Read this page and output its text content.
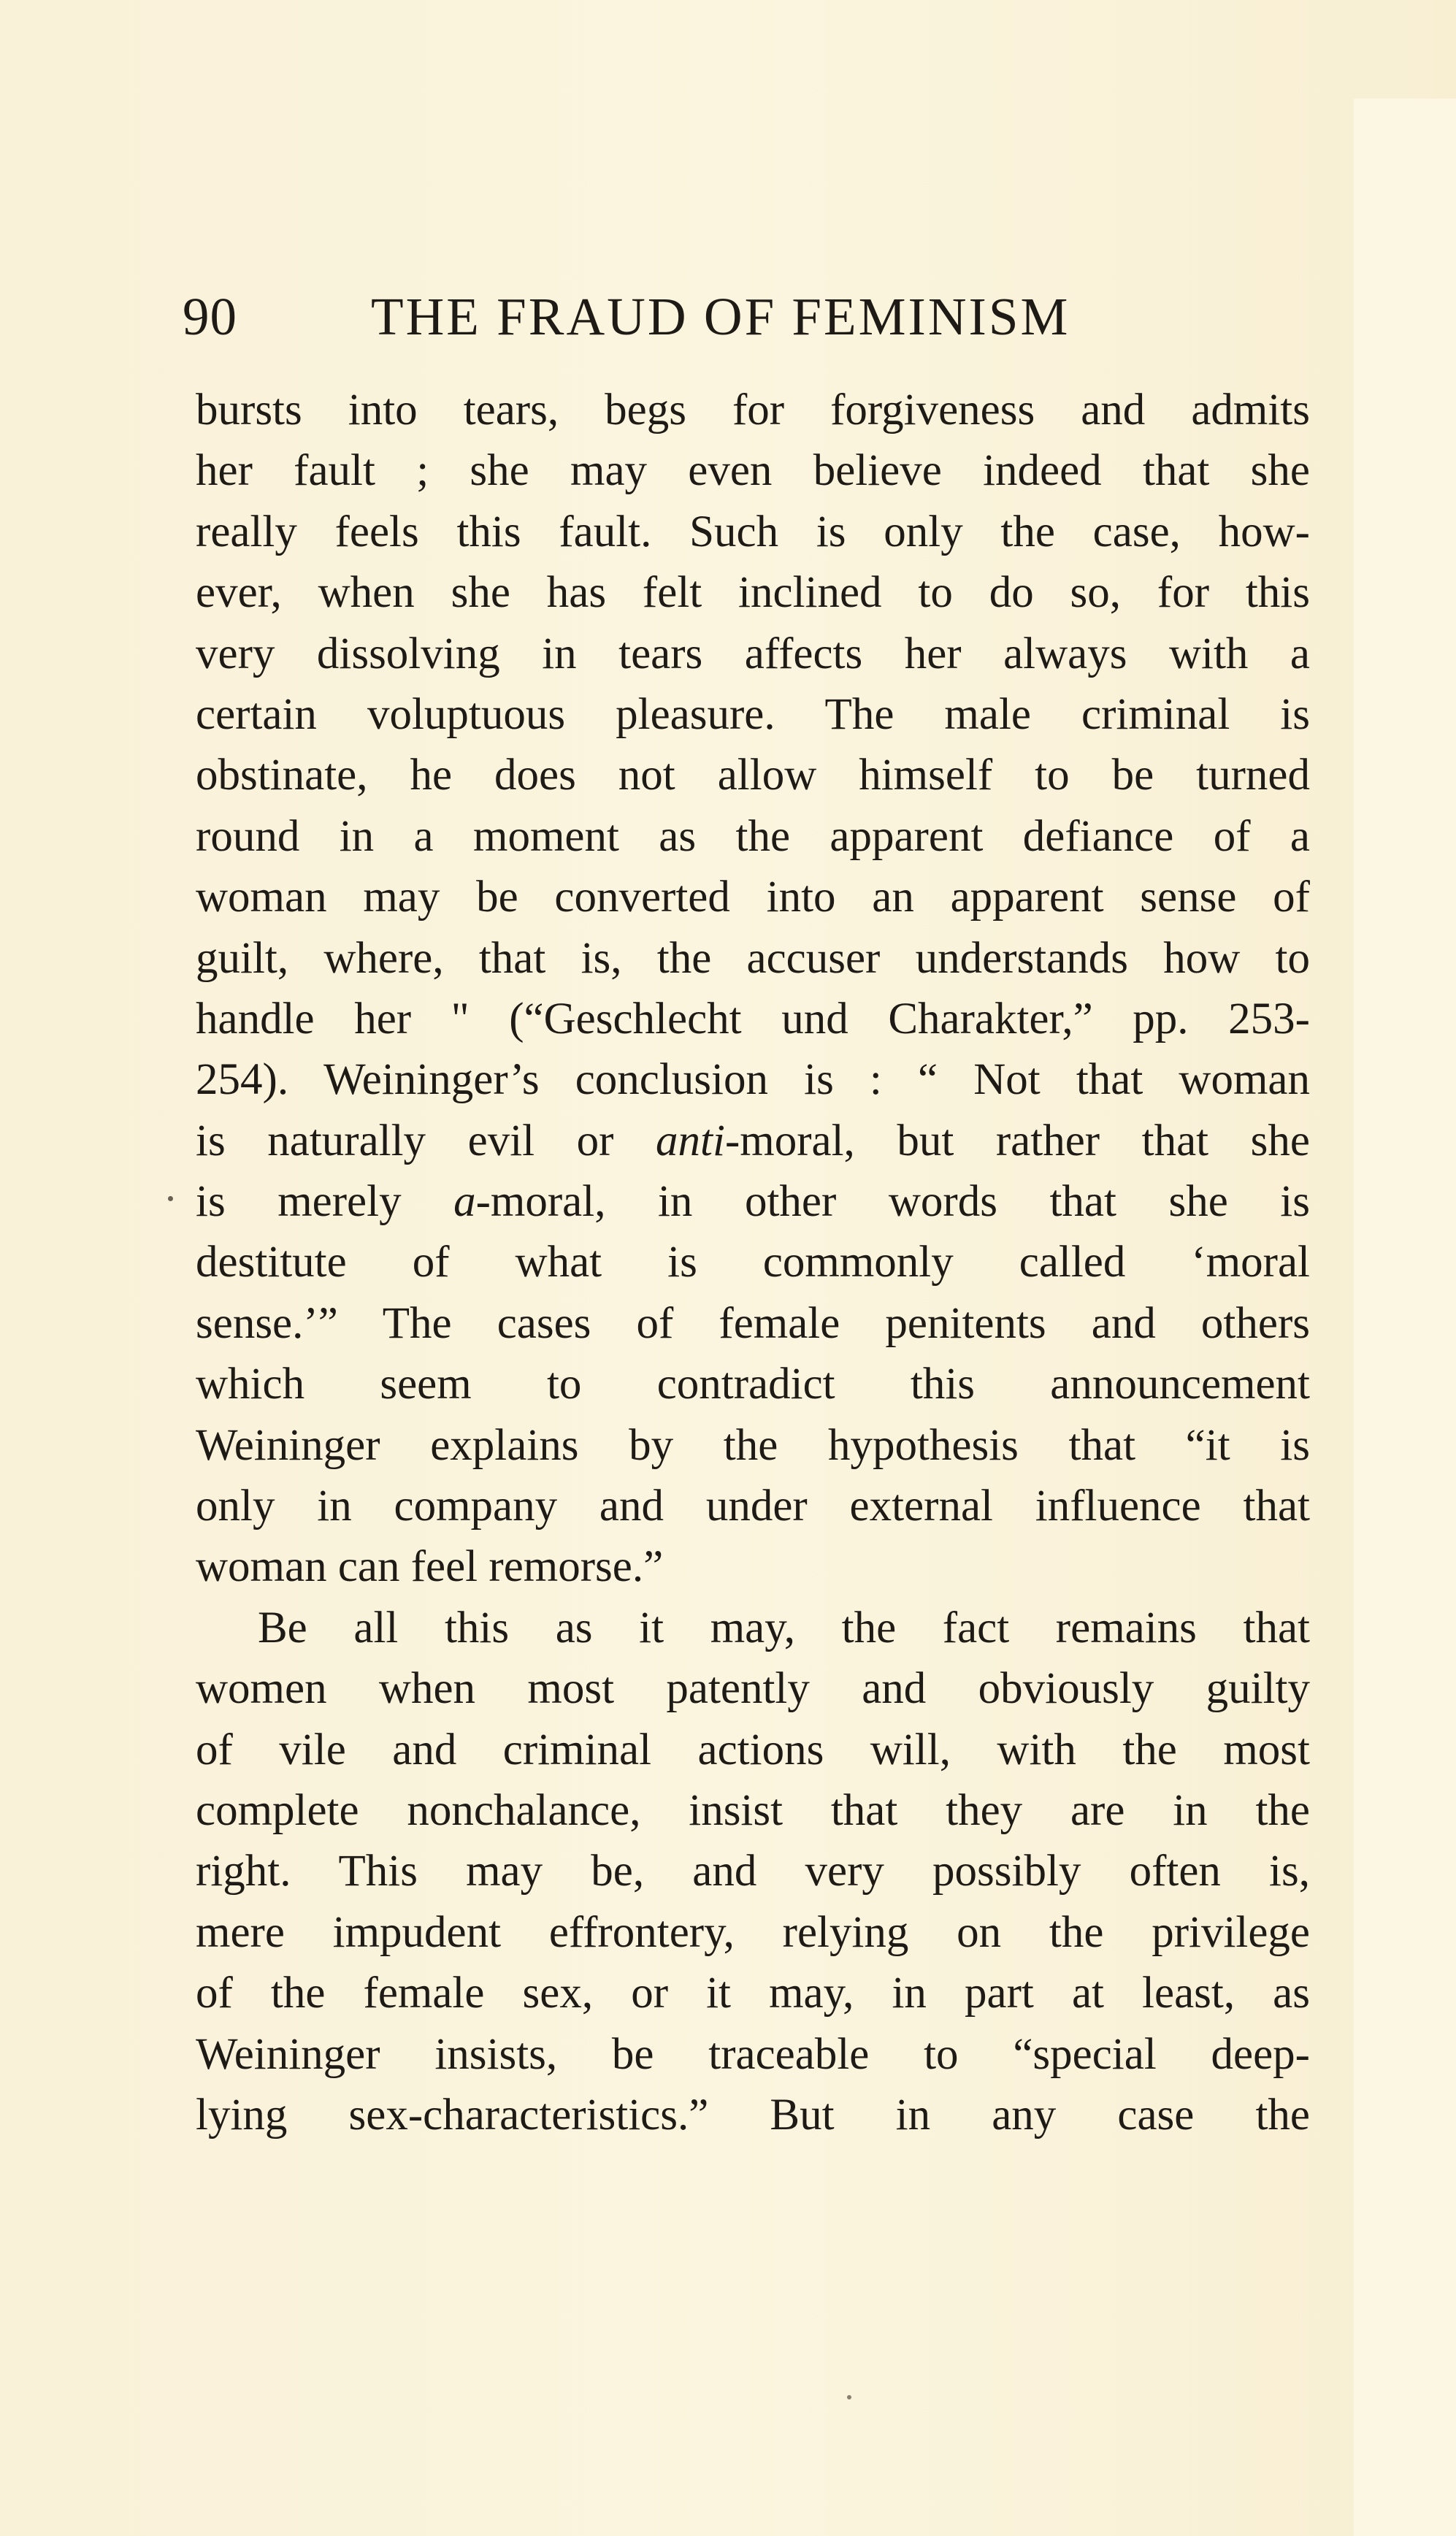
90	THE FRAUD OF FEMINISM
bursts into tears, begs for forgiveness and admits
her fault ; she may even believe indeed that she
really feels this fault. Such is only the case, how-
ever, when she has felt inclined to do so, for this
very dissolving in tears affects her always with a
certain voluptuous pleasure. The male criminal is
obstinate, he does not allow himself to be turned
round in a moment as the apparent defiance of a
woman may be converted into an apparent sense of
guilt, where, that is, the accuser understands how to
handle her " (“Geschlecht und Charakter,” pp. 253-
254). Weininger’s conclusion is : “ Not that woman
is naturally evil or anti-moral, but rather that she
is merely a-moral, in other words that she is
destitute of what is commonly called ‘moral
sense.’” The cases of female penitents and others
which seem to contradict this announcement
Weininger explains by the hypothesis that “it is
only in company and under external influence that
woman can feel remorse.”
Be all this as it may, the fact remains that
women when most patently and obviously guilty
of vile and criminal actions will, with the most
complete nonchalance, insist that they are in the
right. This may be, and very possibly often is,
mere impudent effrontery, relying on the privilege
of the female sex, or it may, in part at least, as
Weininger insists, be traceable to “special deep-
lying sex-characteristics.” But in any case the
